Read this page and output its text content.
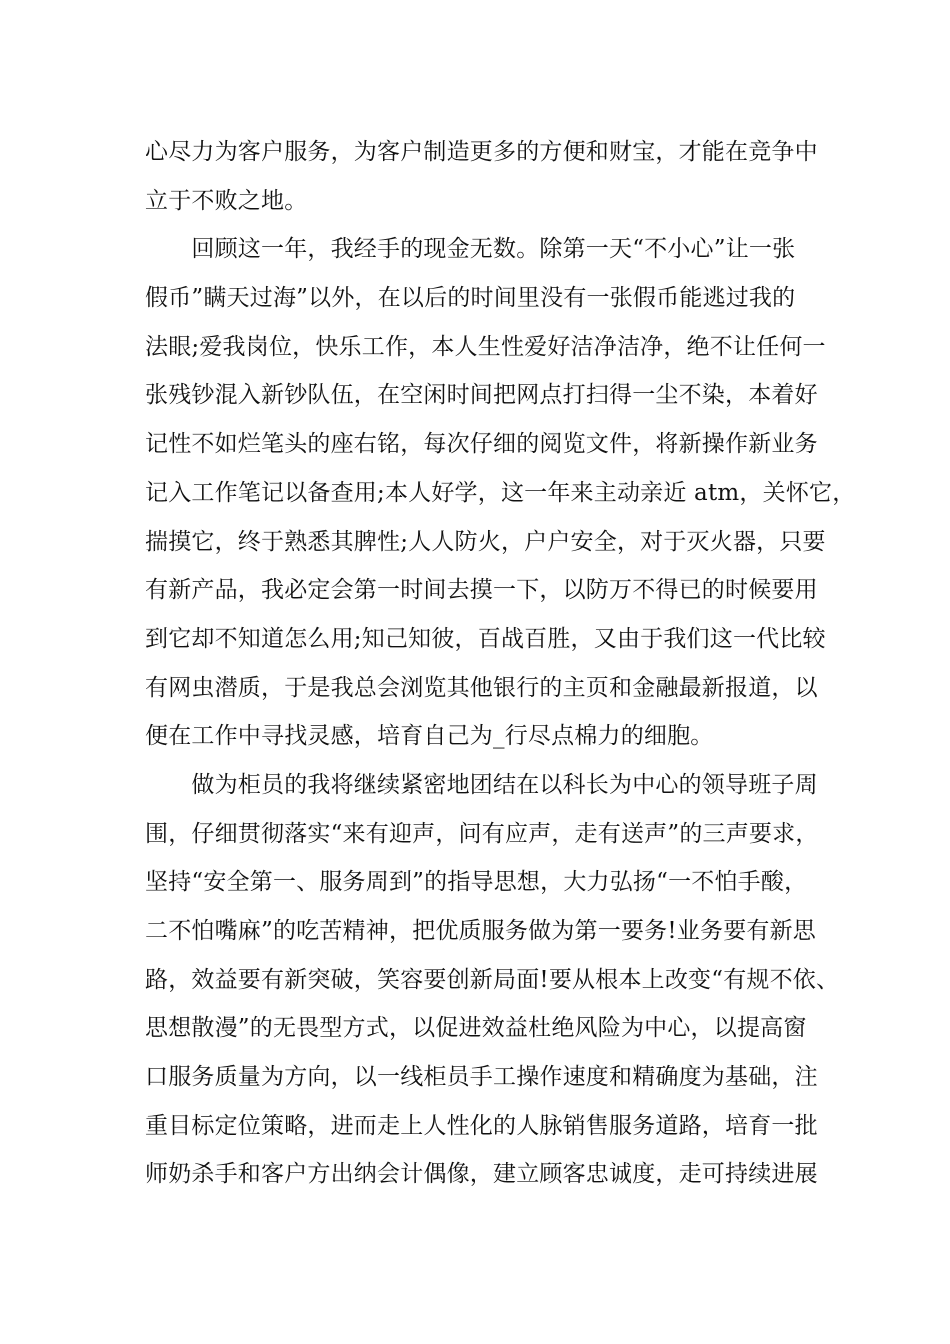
心尽力为客户服务，为客户制造更多的方便和财宝，才能在竞争中
立于不败之地。
　　回顾这一年，我经手的现金无数。除第一天“不小心”让一张
假币”瞒天过海”以外，在以后的时间里没有一张假币能逃过我的
法眼;爱我岗位，快乐工作，本人生性爱好洁净洁净，绝不让任何一
张残钞混入新钞队伍，在空闲时间把网点打扫得一尘不染，本着好
记性不如烂笔头的座右铭，每次仔细的阅览文件，将新操作新业务
记入工作笔记以备查用;本人好学，这一年来主动亲近 atm，关怀它，
揣摸它，终于熟悉其脾性;人人防火，户户安全，对于灭火器，只要
有新产品，我必定会第一时间去摸一下，以防万不得已的时候要用
到它却不知道怎么用;知己知彼，百战百胜，又由于我们这一代比较
有网虫潜质，于是我总会浏览其他银行的主页和金融最新报道，以
便在工作中寻找灵感，培育自己为_行尽点棉力的细胞。
　　做为柜员的我将继续紧密地团结在以科长为中心的领导班子周
围，仔细贯彻落实“来有迎声，问有应声，走有送声”的三声要求，
坚持“安全第一、服务周到”的指导思想，大力弘扬“一不怕手酸，
二不怕嘴麻”的吃苦精神，把优质服务做为第一要务!业务要有新思
路，效益要有新突破，笑容要创新局面!要从根本上改变“有规不依、
思想散漫”的无畏型方式，以促进效益杜绝风险为中心，以提高窗
口服务质量为方向，以一线柜员手工操作速度和精确度为基础，注
重目标定位策略，进而走上人性化的人脉销售服务道路，培育一批
师奶杀手和客户方出纳会计偶像，建立顾客忠诚度，走可持续进展
